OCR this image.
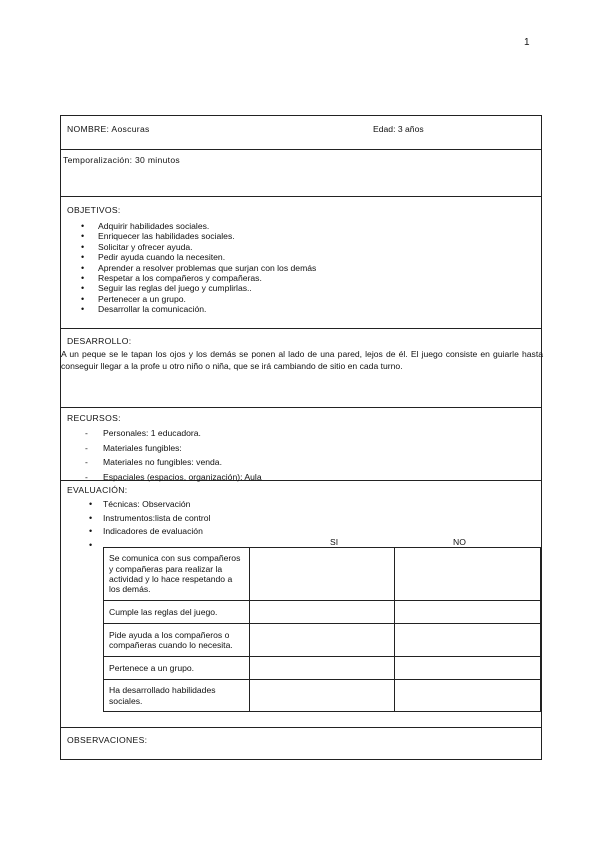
1
NOMBRE: Aoscuras	Edad: 3 años
Temporalización: 30 minutos
OBJETIVOS:
• Adquirir habilidades sociales.
• Enriquecer las habilidades sociales.
• Solicitar y ofrecer ayuda.
• Pedir ayuda cuando la necesiten.
• Aprender a resolver problemas que surjan con los demás
• Respetar a los compañeros y compañeras.
• Seguir las reglas del juego y cumplirlas..
• Pertenecer a un grupo.
• Desarrollar la comunicación.
DESARROLLO:
A un peque se le tapan los ojos y los demás se ponen al lado de una pared, lejos de él. El juego consiste en guiarle hasta conseguir llegar a la profe u otro niño o niña, que se irá cambiando de sitio en cada turno.
RECURSOS:
- Personales: 1 educadora.
- Materiales fungibles:
- Materiales no fungibles: venda.
- Espaciales (espacios, organización): Aula
EVALUACIÓN:
• Técnicas: Observación
• Instrumentos:lista de control
• Indicadores de evaluación
•
SI	NO
Se comunica con sus compañeros y compañeras para realizar la actividad y lo hace respetando a los demás.		
Cumple las reglas del juego.		
Pide ayuda a los compañeros o compañeras cuando lo necesita.		
Pertenece a un grupo.		
Ha desarrollado habilidades sociales.		
OBSERVACIONES:
